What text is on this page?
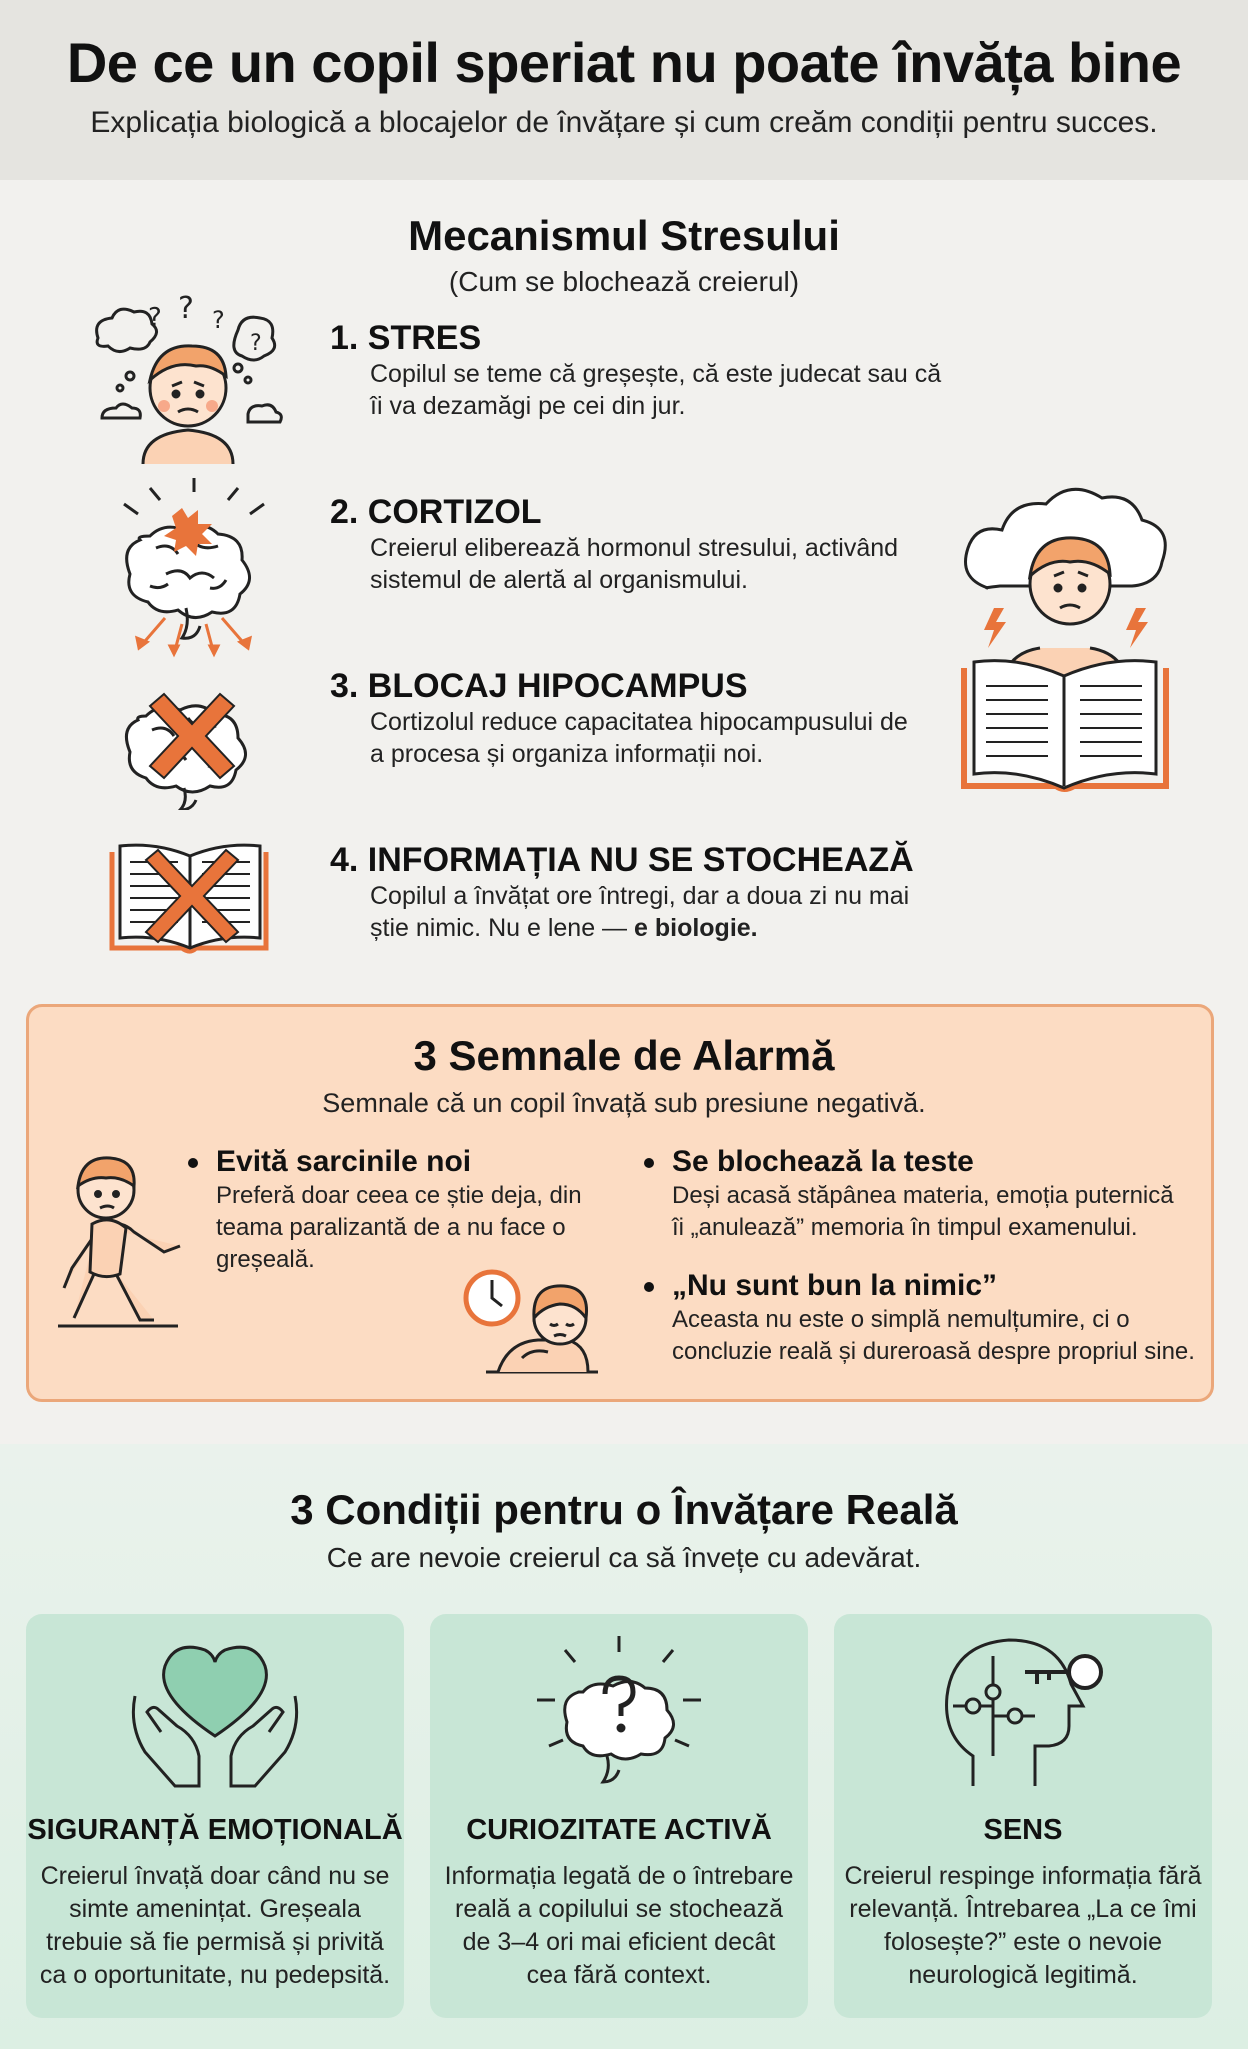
De ce un copil speriat nu poate învăța bine
Explicația biologică a blocajelor de învățare și cum creăm condiții pentru succes.
Mecanismul Stresului
(Cum se blochează creierul)
? ? ?
? 1. STRES
Copilul se teme că greșește, că este judecat sau că îi va dezamăgi pe cei din jur.
2. CORTIZOL
Creierul eliberează hormonul stresului, activând sistemul de alertă al organismului.
3. BLOCAJ HIPOCAMPUS
Cortizolul reduce capacitatea hipocampusului de a procesa și organiza informații noi.
4. INFORMAȚIA NU SE STOCHEAZĂ
Copilul a învățat ore întregi, dar a doua zi nu mai știe nimic. Nu e lene — e biologie.
3 Semnale de Alarmă
Semnale că un copil învață sub presiune negativă.
Evită sarcinile noi
Preferă doar ceea ce știe deja, din teama paralizantă de a nu face o greșeală.
Se blochează la teste
Deși acasă stăpânea materia, emoția puternică îi „anulează” memoria în timpul examenului.
„Nu sunt bun la nimic”
Aceasta nu este o simplă nemulțumire, ci o concluzie reală și dureroasă despre propriul sine.
3 Condiții pentru o Învățare Reală
Ce are nevoie creierul ca să învețe cu adevărat.
SIGURANȚĂ EMOȚIONALĂ
Creierul învață doar când nu se simte amenințat. Greșeala trebuie să fie permisă și privită ca o oportunitate, nu pedepsită.
CURIOZITATE ACTIVĂ
Informația legată de o întrebare reală a copilului se stochează de 3–4 ori mai eficient decât cea fără context.
SENS
Creierul respinge informația fără relevanță. Întrebarea „La ce îmi folosește?” este o nevoie neurologică legitimă.
